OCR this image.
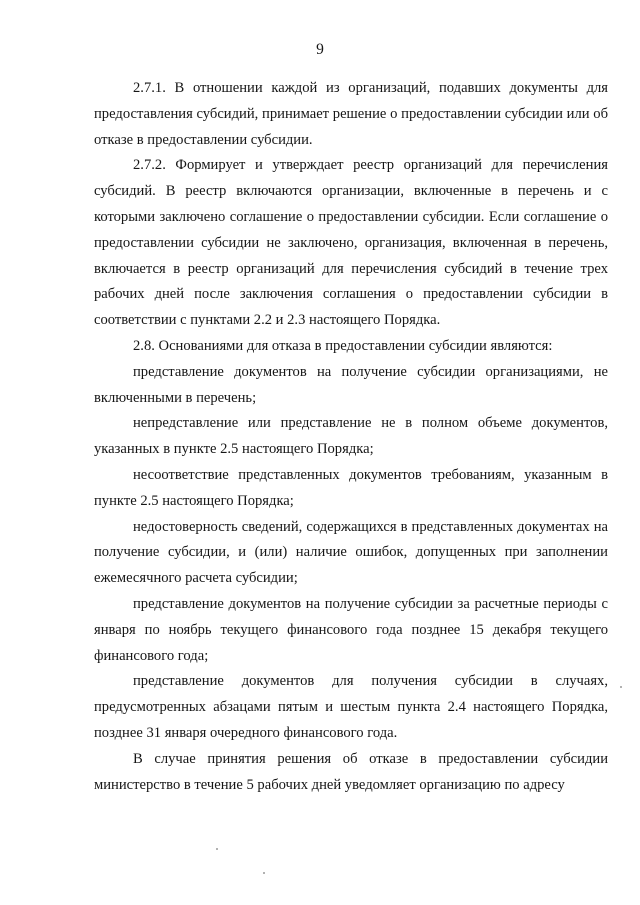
9

2.7.1. В отношении каждой из организаций, подавших документы для предоставления субсидий, принимает решение о предоставлении субсидии или об отказе в предоставлении субсидии.

2.7.2. Формирует и утверждает реестр организаций для перечисления субсидий. В реестр включаются организации, включенные в перечень и с которыми заключено соглашение о предоставлении субсидии. Если соглашение о предоставлении субсидии не заключено, организация, включенная в перечень, включается в реестр организаций для перечисления субсидий в течение трех рабочих дней после заключения соглашения о предоставлении субсидии в соответствии с пунктами 2.2 и 2.3 настоящего Порядка.

2.8. Основаниями для отказа в предоставлении субсидии являются:

представление документов на получение субсидии организациями, не включенными в перечень;

непредставление или представление не в полном объеме документов, указанных в пункте 2.5 настоящего Порядка;

несоответствие представленных документов требованиям, указанным в пункте 2.5 настоящего Порядка;

недостоверность сведений, содержащихся в представленных документах на получение субсидии, и (или) наличие ошибок, допущенных при заполнении ежемесячного расчета субсидии;

представление документов на получение субсидии за расчетные периоды с января по ноябрь текущего финансового года позднее 15 декабря текущего финансового года;

представление документов для получения субсидии в случаях, предусмотренных абзацами пятым и шестым пункта 2.4 настоящего Порядка, позднее 31 января очередного финансового года.

В случае принятия решения об отказе в предоставлении субсидии министерство в течение 5 рабочих дней уведомляет организацию по адресу
